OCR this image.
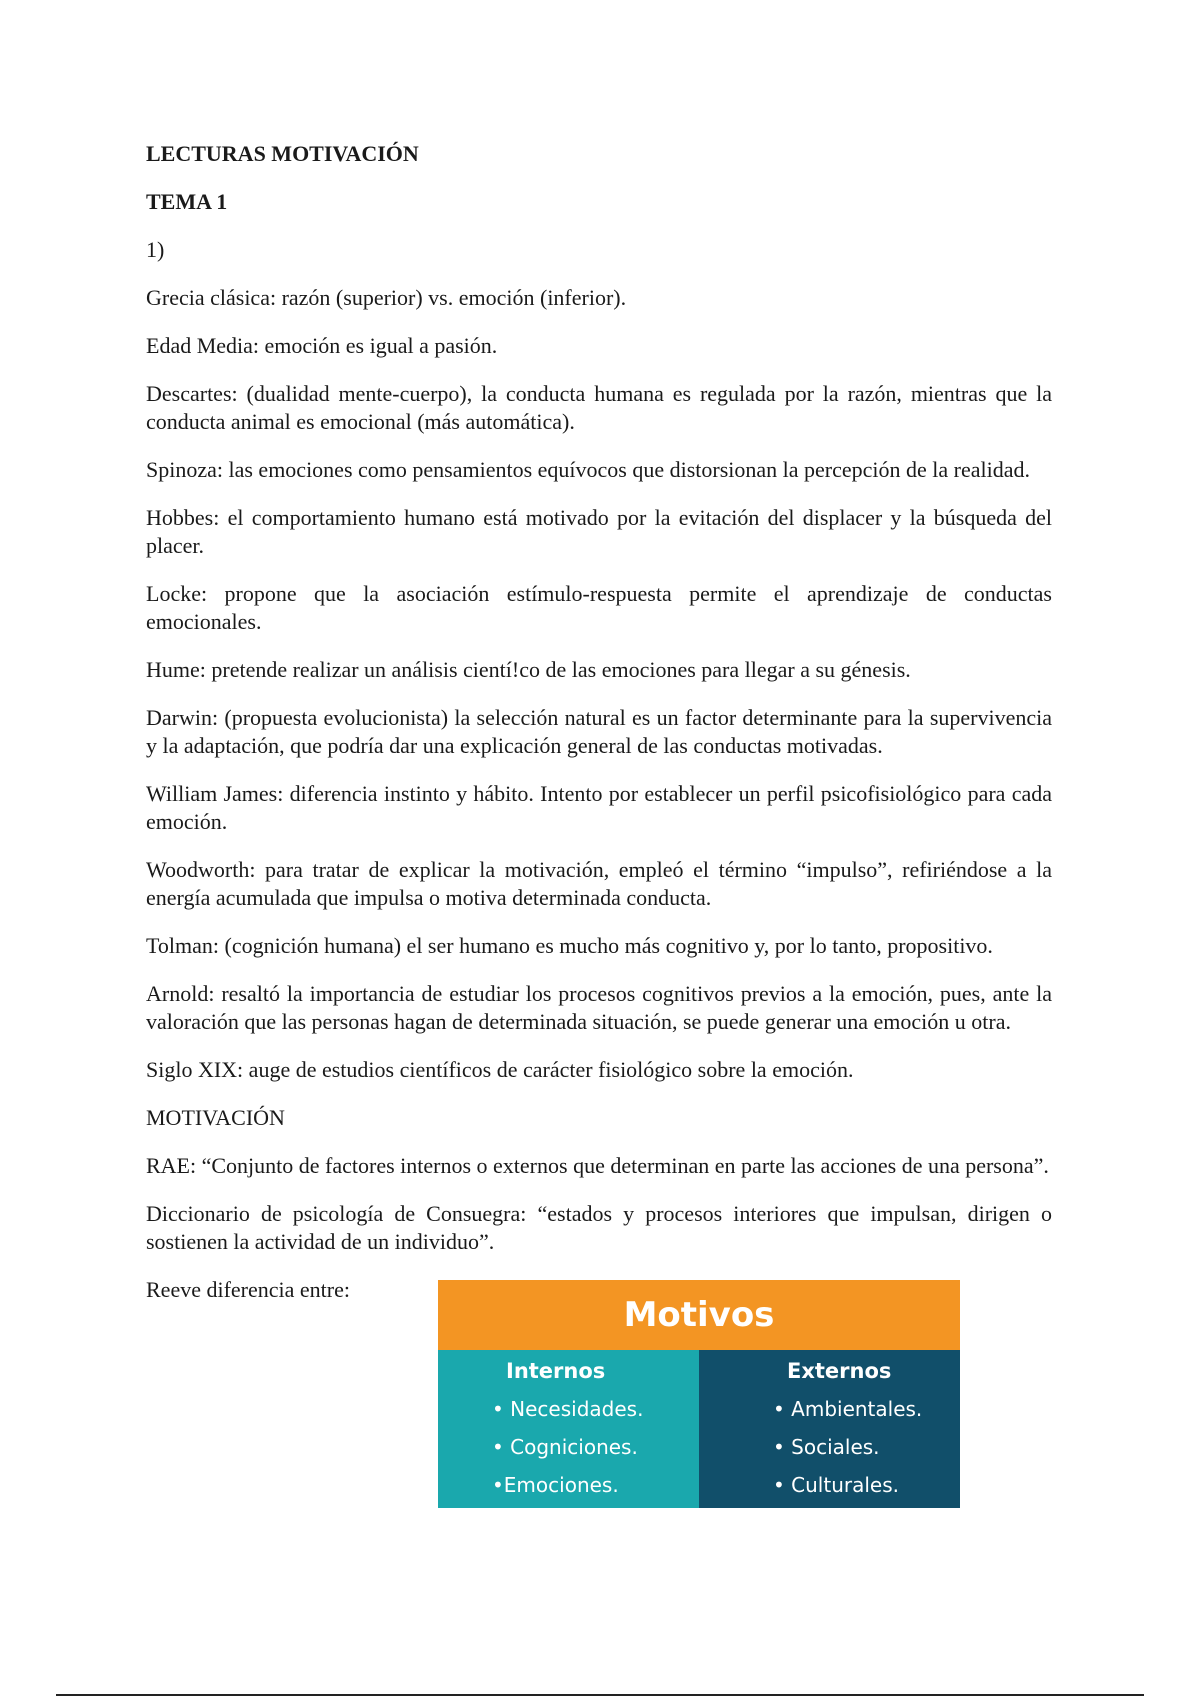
LECTURAS MOTIVACIÓN

TEMA 1

1)

Grecia clásica: razón (superior) vs. emoción (inferior).

Edad Media: emoción es igual a pasión.

Descartes: (dualidad mente-cuerpo), la conducta humana es regulada por la razón, mientras que la conducta animal es emocional (más automática).

Spinoza: las emociones como pensamientos equívocos que distorsionan la percepción de la realidad.

Hobbes: el comportamiento humano está motivado por la evitación del displacer y la búsqueda del placer.

Locke: propone que la asociación estímulo-respuesta permite el aprendizaje de conductas emocionales.

Hume: pretende realizar un análisis cientí!co de las emociones para llegar a su génesis.

Darwin: (propuesta evolucionista) la selección natural es un factor determinante para la supervivencia y la adaptación, que podría dar una explicación general de las conductas motivadas.

William James: diferencia instinto y hábito. Intento por establecer un perfil psicofisiológico para cada emoción.

Woodworth: para tratar de explicar la motivación, empleó el término “impulso”, refiriéndose a la energía acumulada que impulsa o motiva determinada conducta.

Tolman: (cognición humana) el ser humano es mucho más cognitivo y, por lo tanto, propositivo.

Arnold: resaltó la importancia de estudiar los procesos cognitivos previos a la emoción, pues, ante la valoración que las personas hagan de determinada situación, se puede generar una emoción u otra.

Siglo XIX: auge de estudios científicos de carácter fisiológico sobre la emoción.

MOTIVACIÓN

RAE: “Conjunto de factores internos o externos que determinan en parte las acciones de una persona”.

Diccionario de psicología de Consuegra: “estados y procesos interiores que impulsan, dirigen o sostienen la actividad de un individuo”.

Reeve diferencia entre:

Motivos
Internos
• Necesidades.
• Cogniciones.
•Emociones.
Externos
• Ambientales.
• Sociales.
• Culturales.
